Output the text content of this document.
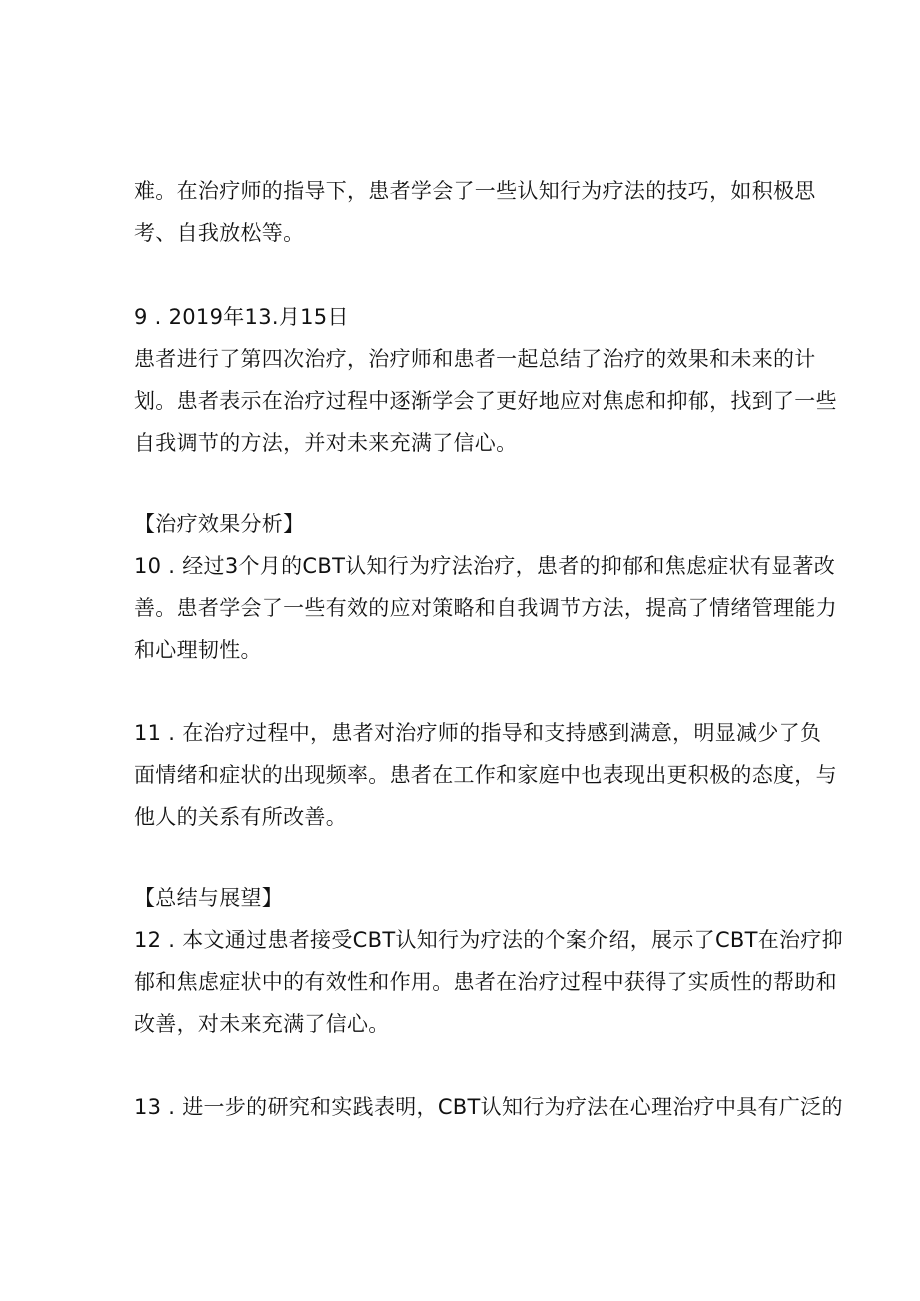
难。在治疗师的指导下，患者学会了一些认知行为疗法的技巧，如积极思
考、自我放松等。
9 . 2019年13.月15日
患者进行了第四次治疗，治疗师和患者一起总结了治疗的效果和未来的计
划。患者表示在治疗过程中逐渐学会了更好地应对焦虑和抑郁，找到了一些
自我调节的方法，并对未来充满了信心。
【治疗效果分析】
10 . 经过3个月的CBT认知行为疗法治疗，患者的抑郁和焦虑症状有显著改
善。患者学会了一些有效的应对策略和自我调节方法，提高了情绪管理能力
和心理韧性。
11 . 在治疗过程中，患者对治疗师的指导和支持感到满意，明显减少了负
面情绪和症状的出现频率。患者在工作和家庭中也表现出更积极的态度，与
他人的关系有所改善。
【总结与展望】
12 . 本文通过患者接受CBT认知行为疗法的个案介绍，展示了CBT在治疗抑
郁和焦虑症状中的有效性和作用。患者在治疗过程中获得了实质性的帮助和
改善，对未来充满了信心。
13 . 进一步的研究和实践表明，CBT认知行为疗法在心理治疗中具有广泛的
